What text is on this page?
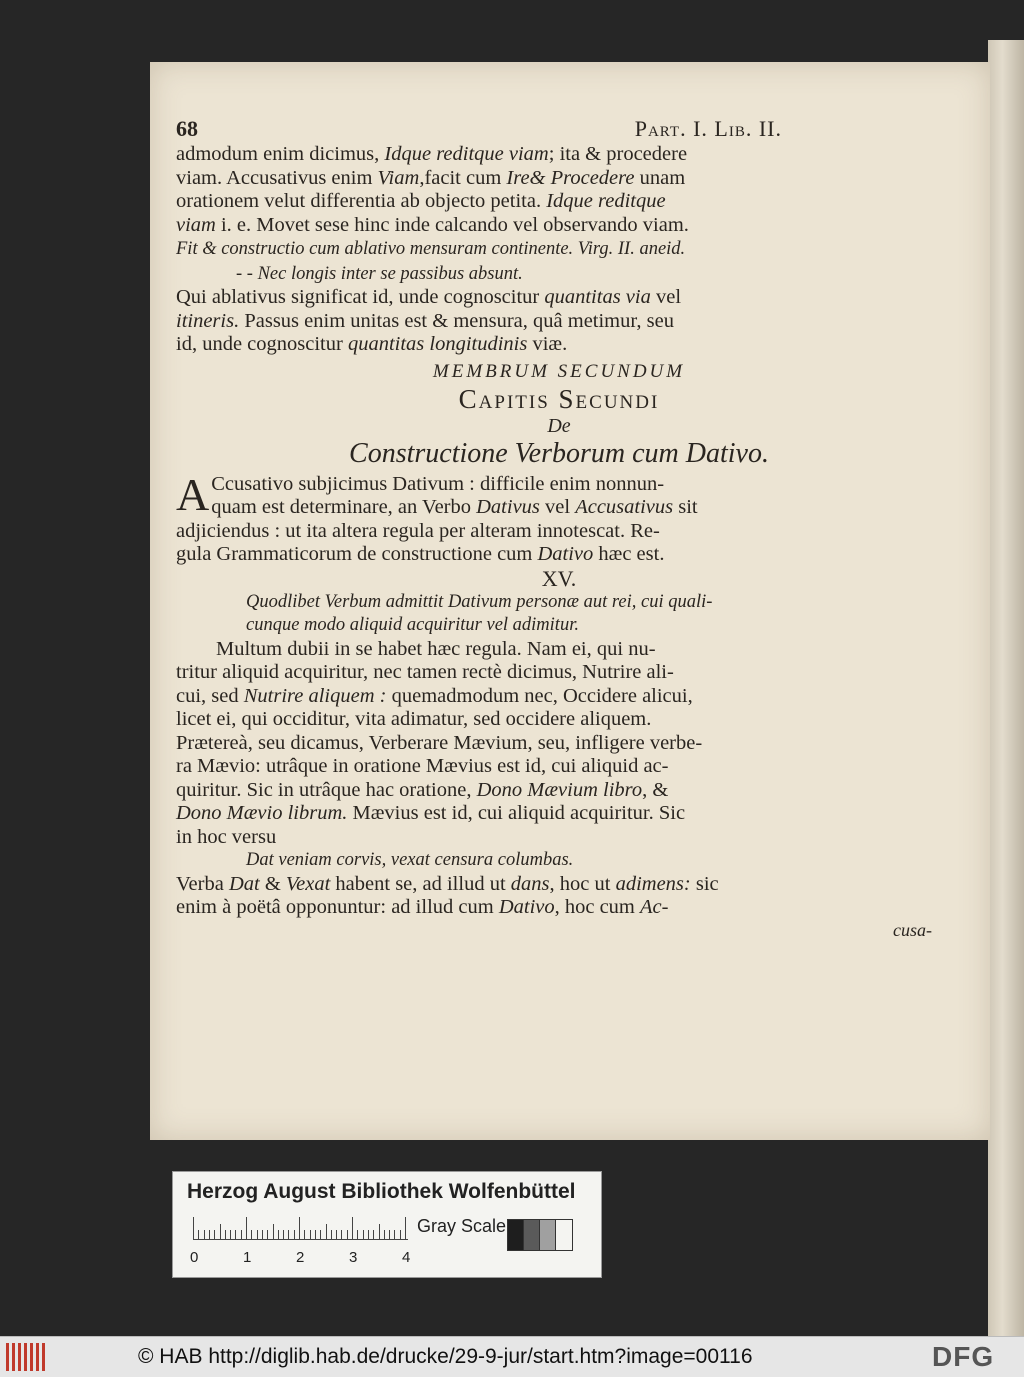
68	Part. I. Lib. II.
admodum enim dicimus, Idque reditque viam; ita & procedere
viam. Accusativus enim Viam,facit cum Ire& Procedere unam
orationem velut differentia ab objecto petita. Idque reditque
viam i. e. Movet sese hinc inde calcando vel observando viam.
Fit & constructio cum ablativo mensuram continente. Virg. II. aneid.
- - Nec longis inter se passibus absunt.
Qui ablativus significat id, unde cognoscitur quantitas via vel
itineris. Passus enim unitas est & mensura, quâ metimur, seu
id, unde cognoscitur quantitas longitudinis viæ.
MEMBRUM SECUNDUM
Capitis Secundi
De
Constructione Verborum cum Dativo.
A Ccusativo subjicimus Dativum : difficile enim nonnun-
quam est determinare, an Verbo Dativus vel Accusativus sit
adjiciendus : ut ita altera regula per alteram innotescat. Re-
gula Grammaticorum de constructione cum Dativo hæc est.
XV.
Quodlibet Verbum admittit Dativum personæ aut rei, cui quali-
cunque modo aliquid acquiritur vel adimitur.
Multum dubii in se habet hæc regula. Nam ei, qui nu-
tritur aliquid acquiritur, nec tamen rectè dicimus, Nutrire ali-
cui, sed Nutrire aliquem : quemadmodum nec, Occidere alicui,
licet ei, qui occiditur, vita adimatur, sed occidere aliquem.
Prætereà, seu dicamus, Verberare Mævium, seu, infligere verbe-
ra Mævio: utrâque in oratione Mævius est id, cui aliquid ac-
quiritur. Sic in utrâque hac oratione, Dono Mævium libro, &
Dono Mævio librum. Mævius est id, cui aliquid acquiritur. Sic
in hoc versu
Dat veniam corvis, vexat censura columbas.
Verba Dat & Vexat habent se, ad illud ut dans, hoc ut adimens: sic
enim à poëtâ opponuntur: ad illud cum Dativo, hoc cum Ac-
cusa-
Herzog August Bibliothek Wolfenbüttel
Gray Scale
0	1	2	3	4
© HAB http://diglib.hab.de/drucke/29-9-jur/start.htm?image=00116	DFG
